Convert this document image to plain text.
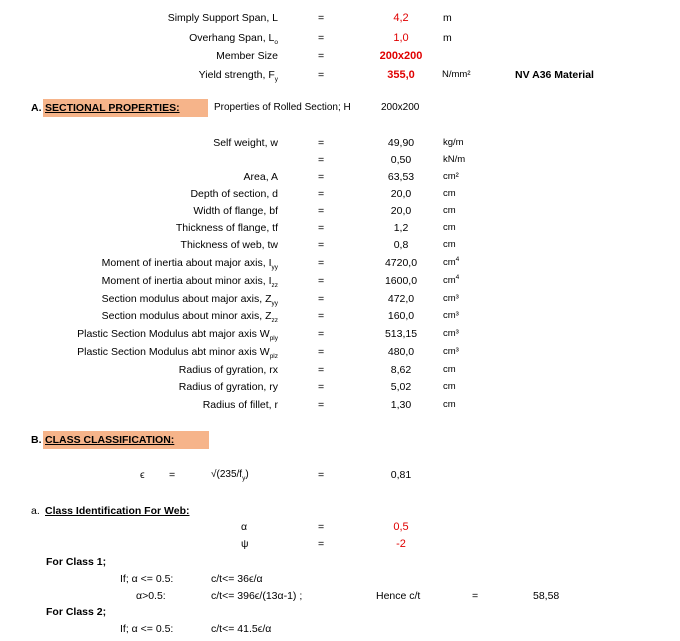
Simply Support Span, L	=	4,2	m
Overhang Span, $L_o$	=	1,0	m
Member Size	=	200x200
Yield strength, $F_y$	=	355,0	N/mm²	NV A36 Material
A. SECTIONAL PROPERTIES:	Properties of Rolled Section; H	200x200
Self weight, w	=	49,90	kg/m
=	0,50	kN/m
Area, A	=	63,53	cm²
Depth of section, d	=	20,0	cm
Width of flange, bf	=	20,0	cm
Thickness of flange, tf	=	1,2	cm
Thickness of web, tw	=	0,8	cm
Moment of inertia about major axis, $I_{yy}$	=	4720,0	$cm^4$
Moment of inertia about minor axis, $I_{zz}$	=	1600,0	$cm^4$
Section modulus about major axis, $Z_{yy}$	=	472,0	cm³
Section modulus about minor axis, $Z_{zz}$	=	160,0	cm³
Plastic Section Modulus abt major axis $W_{ply}$	=	513,15	cm³
Plastic Section Modulus abt minor axis $W_{plz}$	=	480,0	cm³
Radius of gyration, rx	=	8,62	cm
Radius of gyration, ry	=	5,02	cm
Radius of fillet, r	=	1,30	cm
B. CLASS CLASSIFICATION:
ϵ =	$√(235/f_y)$	=	0,81
a. Class Identification For Web:
α	=	0,5
ψ	=	-2
For Class 1;
If; α <= 0.5:	c/t<= 36ϵ/α
α>0.5:	c/t<= 396ϵ/(13α-1) ;	Hence c/t	=	58,58
For Class 2;
If; α <= 0.5:	c/t<= 41.5ϵ/α
